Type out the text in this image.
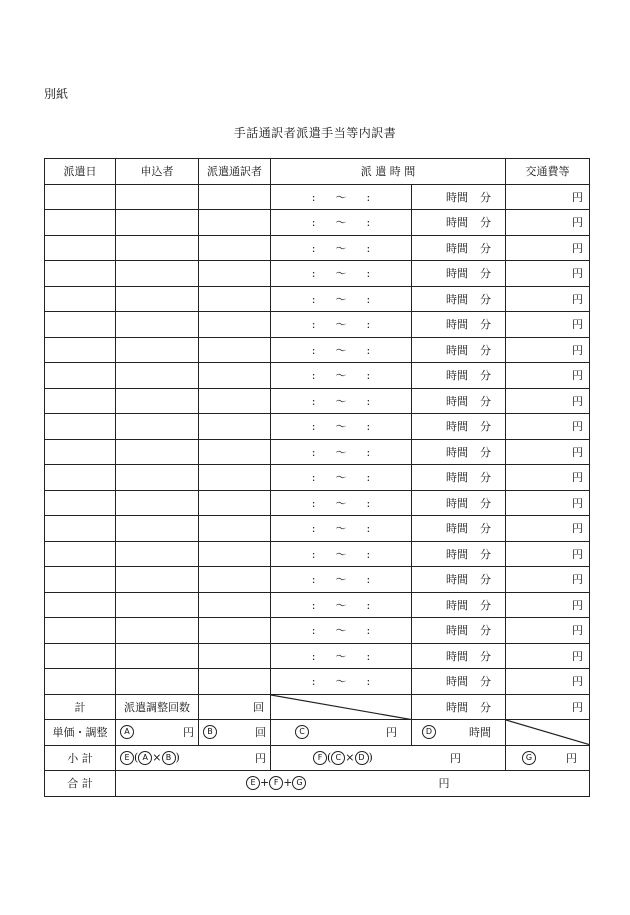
別紙
手話通訳者派遣手当等内訳書
派遣日	申込者	派遣通訳者	派 遣 時 間		交通費等
			: 〜 :	時間 分	円
			: 〜 :	時間 分	円
			: 〜 :	時間 分	円
			: 〜 :	時間 分	円
			: 〜 :	時間 分	円
			: 〜 :	時間 分	円
			: 〜 :	時間 分	円
			: 〜 :	時間 分	円
			: 〜 :	時間 分	円
			: 〜 :	時間 分	円
			: 〜 :	時間 分	円
			: 〜 :	時間 分	円
			: 〜 :	時間 分	円
			: 〜 :	時間 分	円
			: 〜 :	時間 分	円
			: 〜 :	時間 分	円
			: 〜 :	時間 分	円
			: 〜 :	時間 分	円
			: 〜 :	時間 分	円
			: 〜 :	時間 分	円
計	派遣調整回数	回		時間 分	円
単価・調整	A 円	B 回	C 円	D 時間

小 計	E ( A × B ) 円		F ( C × D ) 円		G 円

合 計	E + F + G 円				
